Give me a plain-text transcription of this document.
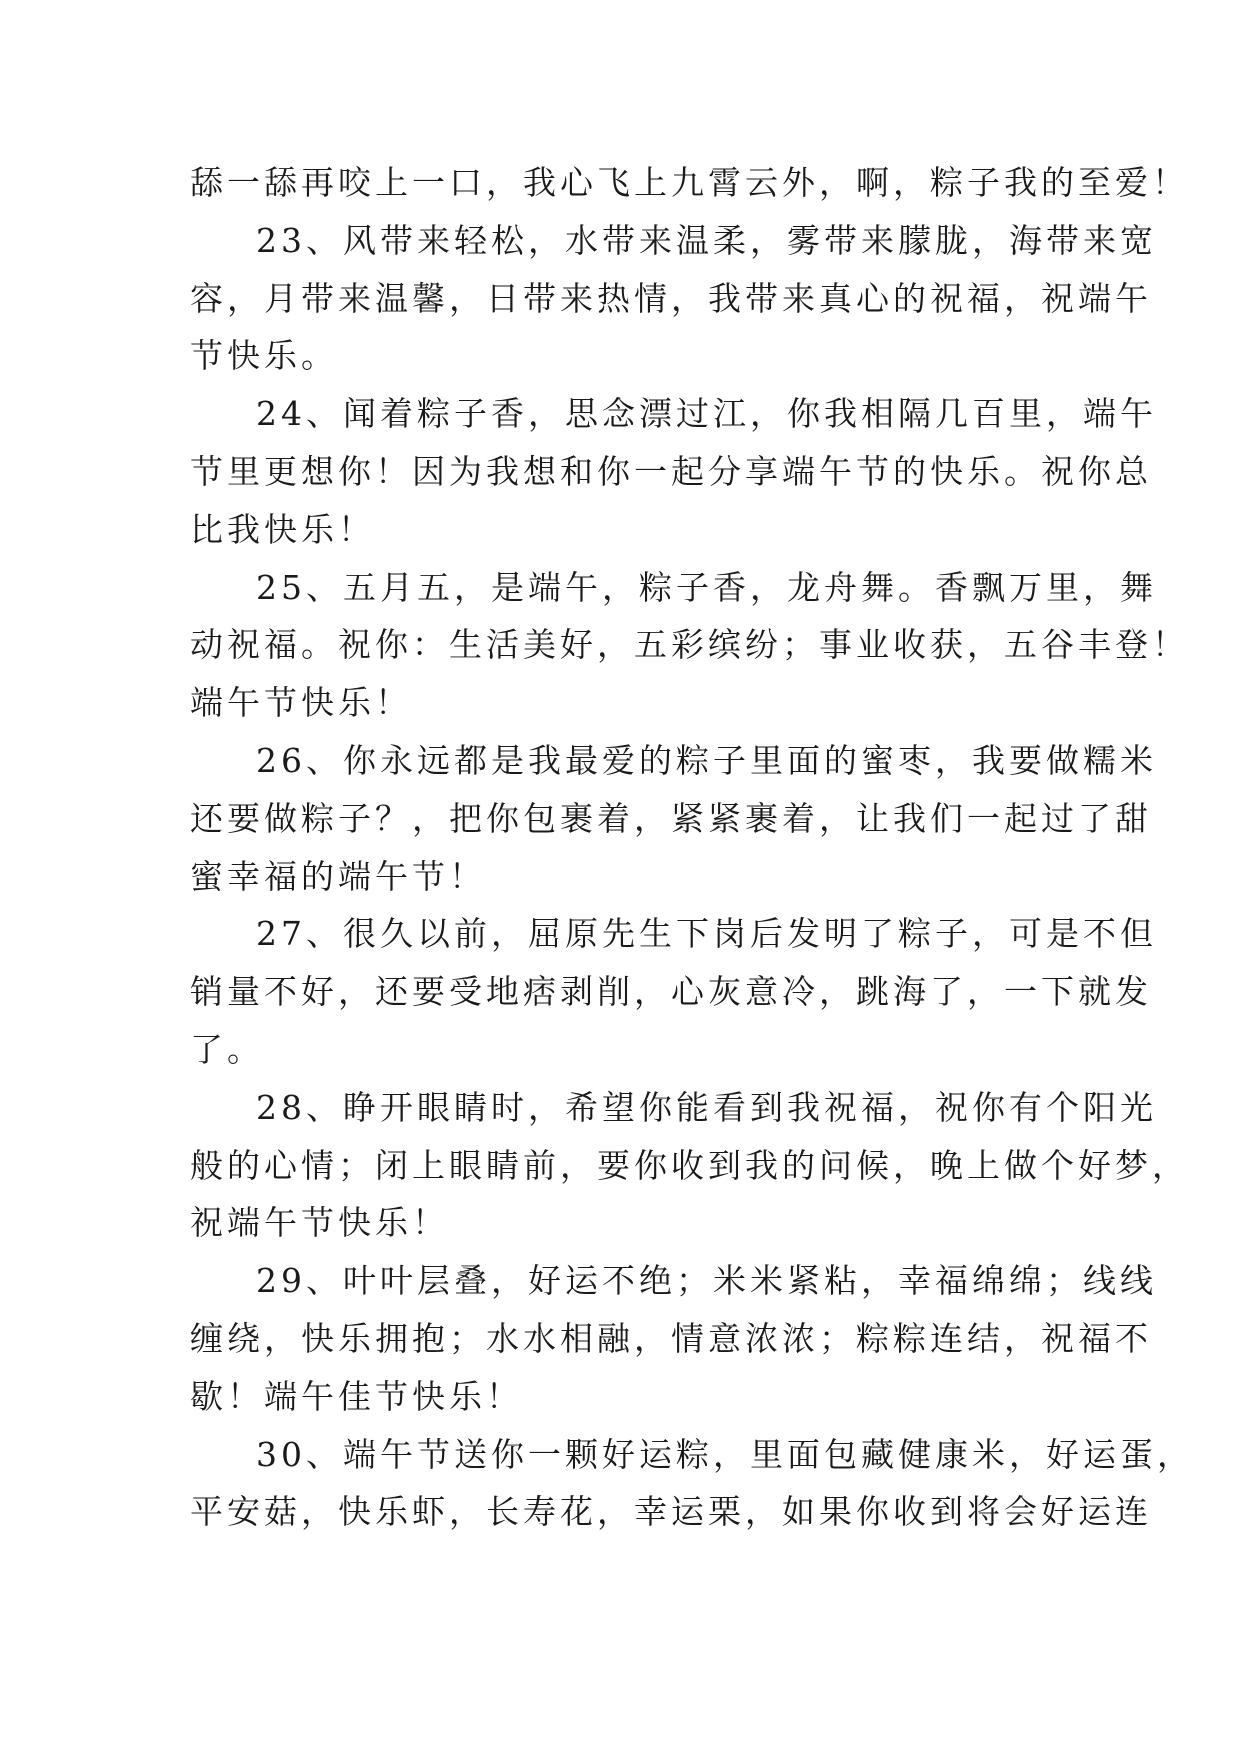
舔一舔再咬上一口，我心飞上九霄云外，啊，粽子我的至爱！
23、风带来轻松，水带来温柔，雾带来朦胧，海带来宽
容，月带来温馨，日带来热情，我带来真心的祝福，祝端午
节快乐。
24、闻着粽子香，思念漂过江，你我相隔几百里，端午
节里更想你！因为我想和你一起分享端午节的快乐。祝你总
比我快乐！
25、五月五，是端午，粽子香，龙舟舞。香飘万里，舞
动祝福。祝你：生活美好，五彩缤纷；事业收获，五谷丰登！
端午节快乐！
26、你永远都是我最爱的粽子里面的蜜枣，我要做糯米
还要做粽子？，把你包裹着，紧紧裹着，让我们一起过了甜
蜜幸福的端午节！
27、很久以前，屈原先生下岗后发明了粽子，可是不但
销量不好，还要受地痞剥削，心灰意冷，跳海了，一下就发
了。
28、睁开眼睛时，希望你能看到我祝福，祝你有个阳光
般的心情；闭上眼睛前，要你收到我的问候，晚上做个好梦，
祝端午节快乐！
29、叶叶层叠，好运不绝；米米紧粘，幸福绵绵；线线
缠绕，快乐拥抱；水水相融，情意浓浓；粽粽连结，祝福不
歇！端午佳节快乐！
30、端午节送你一颗好运粽，里面包藏健康米，好运蛋，
平安菇，快乐虾，长寿花，幸运栗，如果你收到将会好运连
